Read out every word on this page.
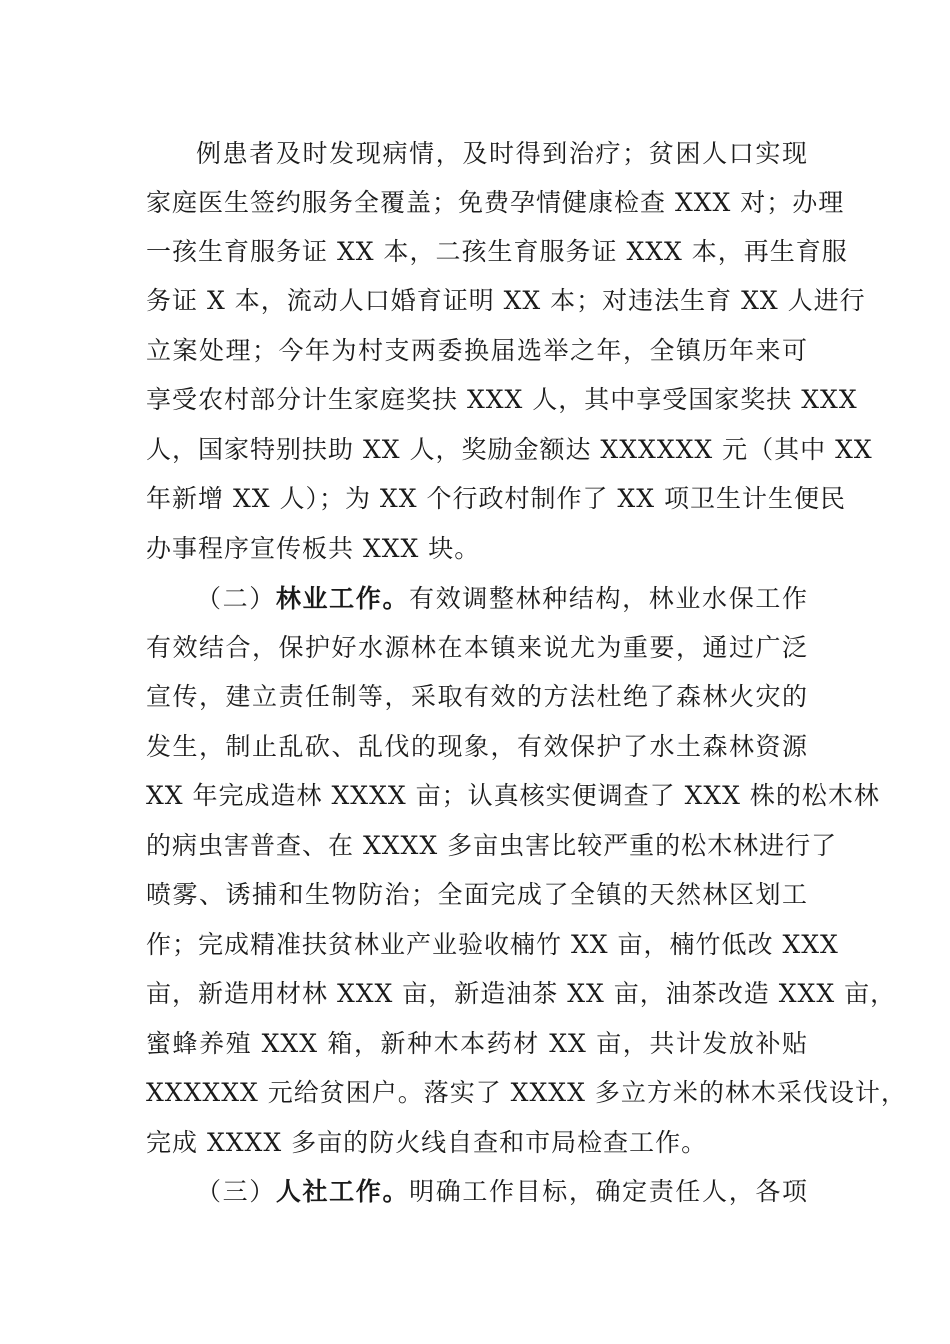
例患者及时发现病情，及时得到治疗；贫困人口实现
家庭医生签约服务全覆盖；免费孕情健康检查 XXX 对；办理
一孩生育服务证 XX 本，二孩生育服务证 XXX 本，再生育服
务证 X 本，流动人口婚育证明 XX 本；对违法生育 XX 人进行
立案处理；今年为村支两委换届选举之年，全镇历年来可
享受农村部分计生家庭奖扶 XXX 人，其中享受国家奖扶 XXX
人，国家特别扶助 XX 人，奖励金额达 XXXXXX 元（其中 XX
年新增 XX 人）；为 XX 个行政村制作了 XX 项卫生计生便民
办事程序宣传板共 XXX 块。
（二）林业工作。有效调整林种结构，林业水保工作
有效结合，保护好水源林在本镇来说尤为重要，通过广泛
宣传，建立责任制等，采取有效的方法杜绝了森林火灾的
发生，制止乱砍、乱伐的现象，有效保护了水土森林资源
XX 年完成造林 XXXX 亩；认真核实便调查了 XXX 株的松木林
的病虫害普查、在 XXXX 多亩虫害比较严重的松木林进行了
喷雾、诱捕和生物防治；全面完成了全镇的天然林区划工
作；完成精准扶贫林业产业验收楠竹 XX 亩，楠竹低改 XXX
亩，新造用材林 XXX 亩，新造油茶 XX 亩，油茶改造 XXX 亩，
蜜蜂养殖 XXX 箱，新种木本药材 XX 亩，共计发放补贴
XXXXXX 元给贫困户。落实了 XXXX 多立方米的林木采伐设计，
完成 XXXX 多亩的防火线自查和市局检查工作。
（三）人社工作。明确工作目标，确定责任人，各项
